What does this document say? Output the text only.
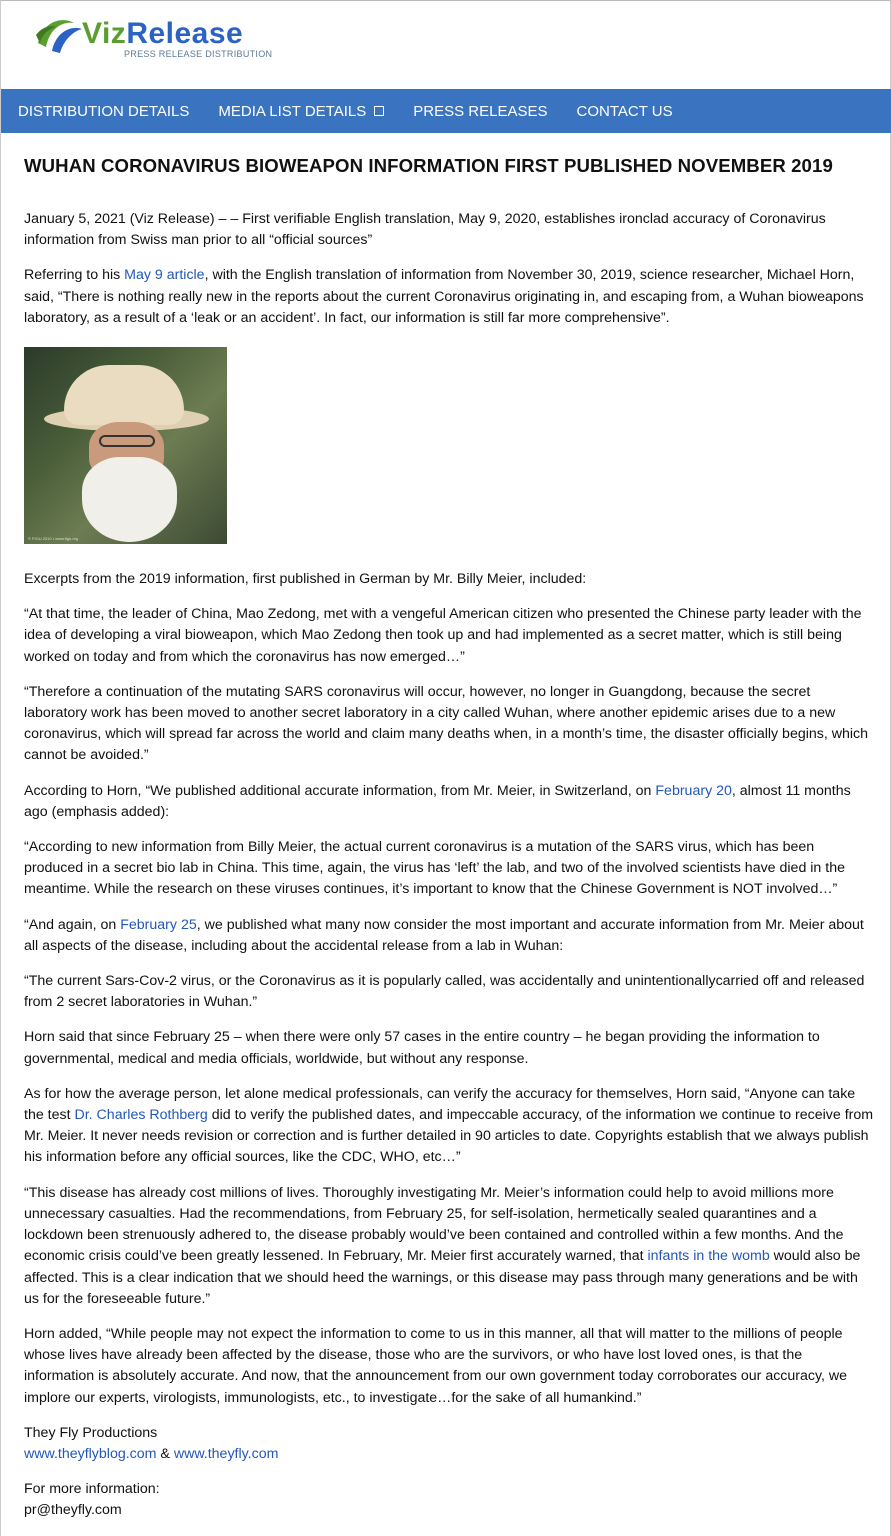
VizRelease
PRESS RELEASE DISTRIBUTION
DISTRIBUTION DETAILS MEDIA LIST DETAILS	PRESS RELEASES CONTACT US
WUHAN CORONAVIRUS BIOWEAPON INFORMATION FIRST PUBLISHED NOVEMBER 2019

January 5, 2021 (Viz Release) – – First verifiable English translation, May 9, 2020, establishes ironclad accuracy of Coronavirus information from Swiss man prior to all “official sources”

Referring to his May 9 article, with the English translation of information from November 30, 2019, science researcher, Michael Horn, said, “There is nothing really new in the reports about the current Coronavirus originating in, and escaping from, a Wuhan bioweapons laboratory, as a result of a ‘leak or an accident’. In fact, our information is still far more comprehensive”.

© FIGU 2010 • www.figu.org

Excerpts from the 2019 information, first published in German by Mr. Billy Meier, included:

“At that time, the leader of China, Mao Zedong, met with a vengeful American citizen who presented the Chinese party leader with the idea of developing a viral bioweapon, which Mao Zedong then took up and had implemented as a secret matter, which is still being worked on today and from which the coronavirus has now emerged…”

“Therefore a continuation of the mutating SARS coronavirus will occur, however, no longer in Guangdong, because the secret laboratory work has been moved to another secret laboratory in a city called Wuhan, where another epidemic arises due to a new coronavirus, which will spread far across the world and claim many deaths when, in a month’s time, the disaster officially begins, which cannot be avoided.”

According to Horn, “We published additional accurate information, from Mr. Meier, in Switzerland, on February 20, almost 11 months ago (emphasis added):

“According to new information from Billy Meier, the actual current coronavirus is a mutation of the SARS virus, which has been produced in a secret bio lab in China. This time, again, the virus has ‘left’ the lab, and two of the involved scientists have died in the meantime. While the research on these viruses continues, it’s important to know that the Chinese Government is NOT involved…”

“And again, on February 25, we published what many now consider the most important and accurate information from Mr. Meier about all aspects of the disease, including about the accidental release from a lab in Wuhan:

“The current Sars-Cov-2 virus, or the Coronavirus as it is popularly called, was accidentally and unintentionallycarried off and released from 2 secret laboratories in Wuhan.”

Horn said that since February 25 – when there were only 57 cases in the entire country – he began providing the information to governmental, medical and media officials, worldwide, but without any response.

As for how the average person, let alone medical professionals, can verify the accuracy for themselves, Horn said, “Anyone can take the test Dr. Charles Rothberg did to verify the published dates, and impeccable accuracy, of the information we continue to receive from Mr. Meier. It never needs revision or correction and is further detailed in 90 articles to date. Copyrights establish that we always publish his information before any official sources, like the CDC, WHO, etc…”

“This disease has already cost millions of lives. Thoroughly investigating Mr. Meier’s information could help to avoid millions more unnecessary casualties. Had the recommendations, from February 25, for self-isolation, hermetically sealed quarantines and a lockdown been strenuously adhered to, the disease probably would’ve been contained and controlled within a few months. And the economic crisis could’ve been greatly lessened. In February, Mr. Meier first accurately warned, that infants in the womb would also be affected. This is a clear indication that we should heed the warnings, or this disease may pass through many generations and be with us for the foreseeable future.”

Horn added, “While people may not expect the information to come to us in this manner, all that will matter to the millions of people whose lives have already been affected by the disease, those who are the survivors, or who have lost loved ones, is that the information is absolutely accurate. And now, that the announcement from our own government today corroborates our accuracy, we implore our experts, virologists, immunologists, etc., to investigate…for the sake of all humankind.”

They Fly Productions

www.theyflyblog.com & www.theyfly.com

For more information:

pr@theyfly.com
